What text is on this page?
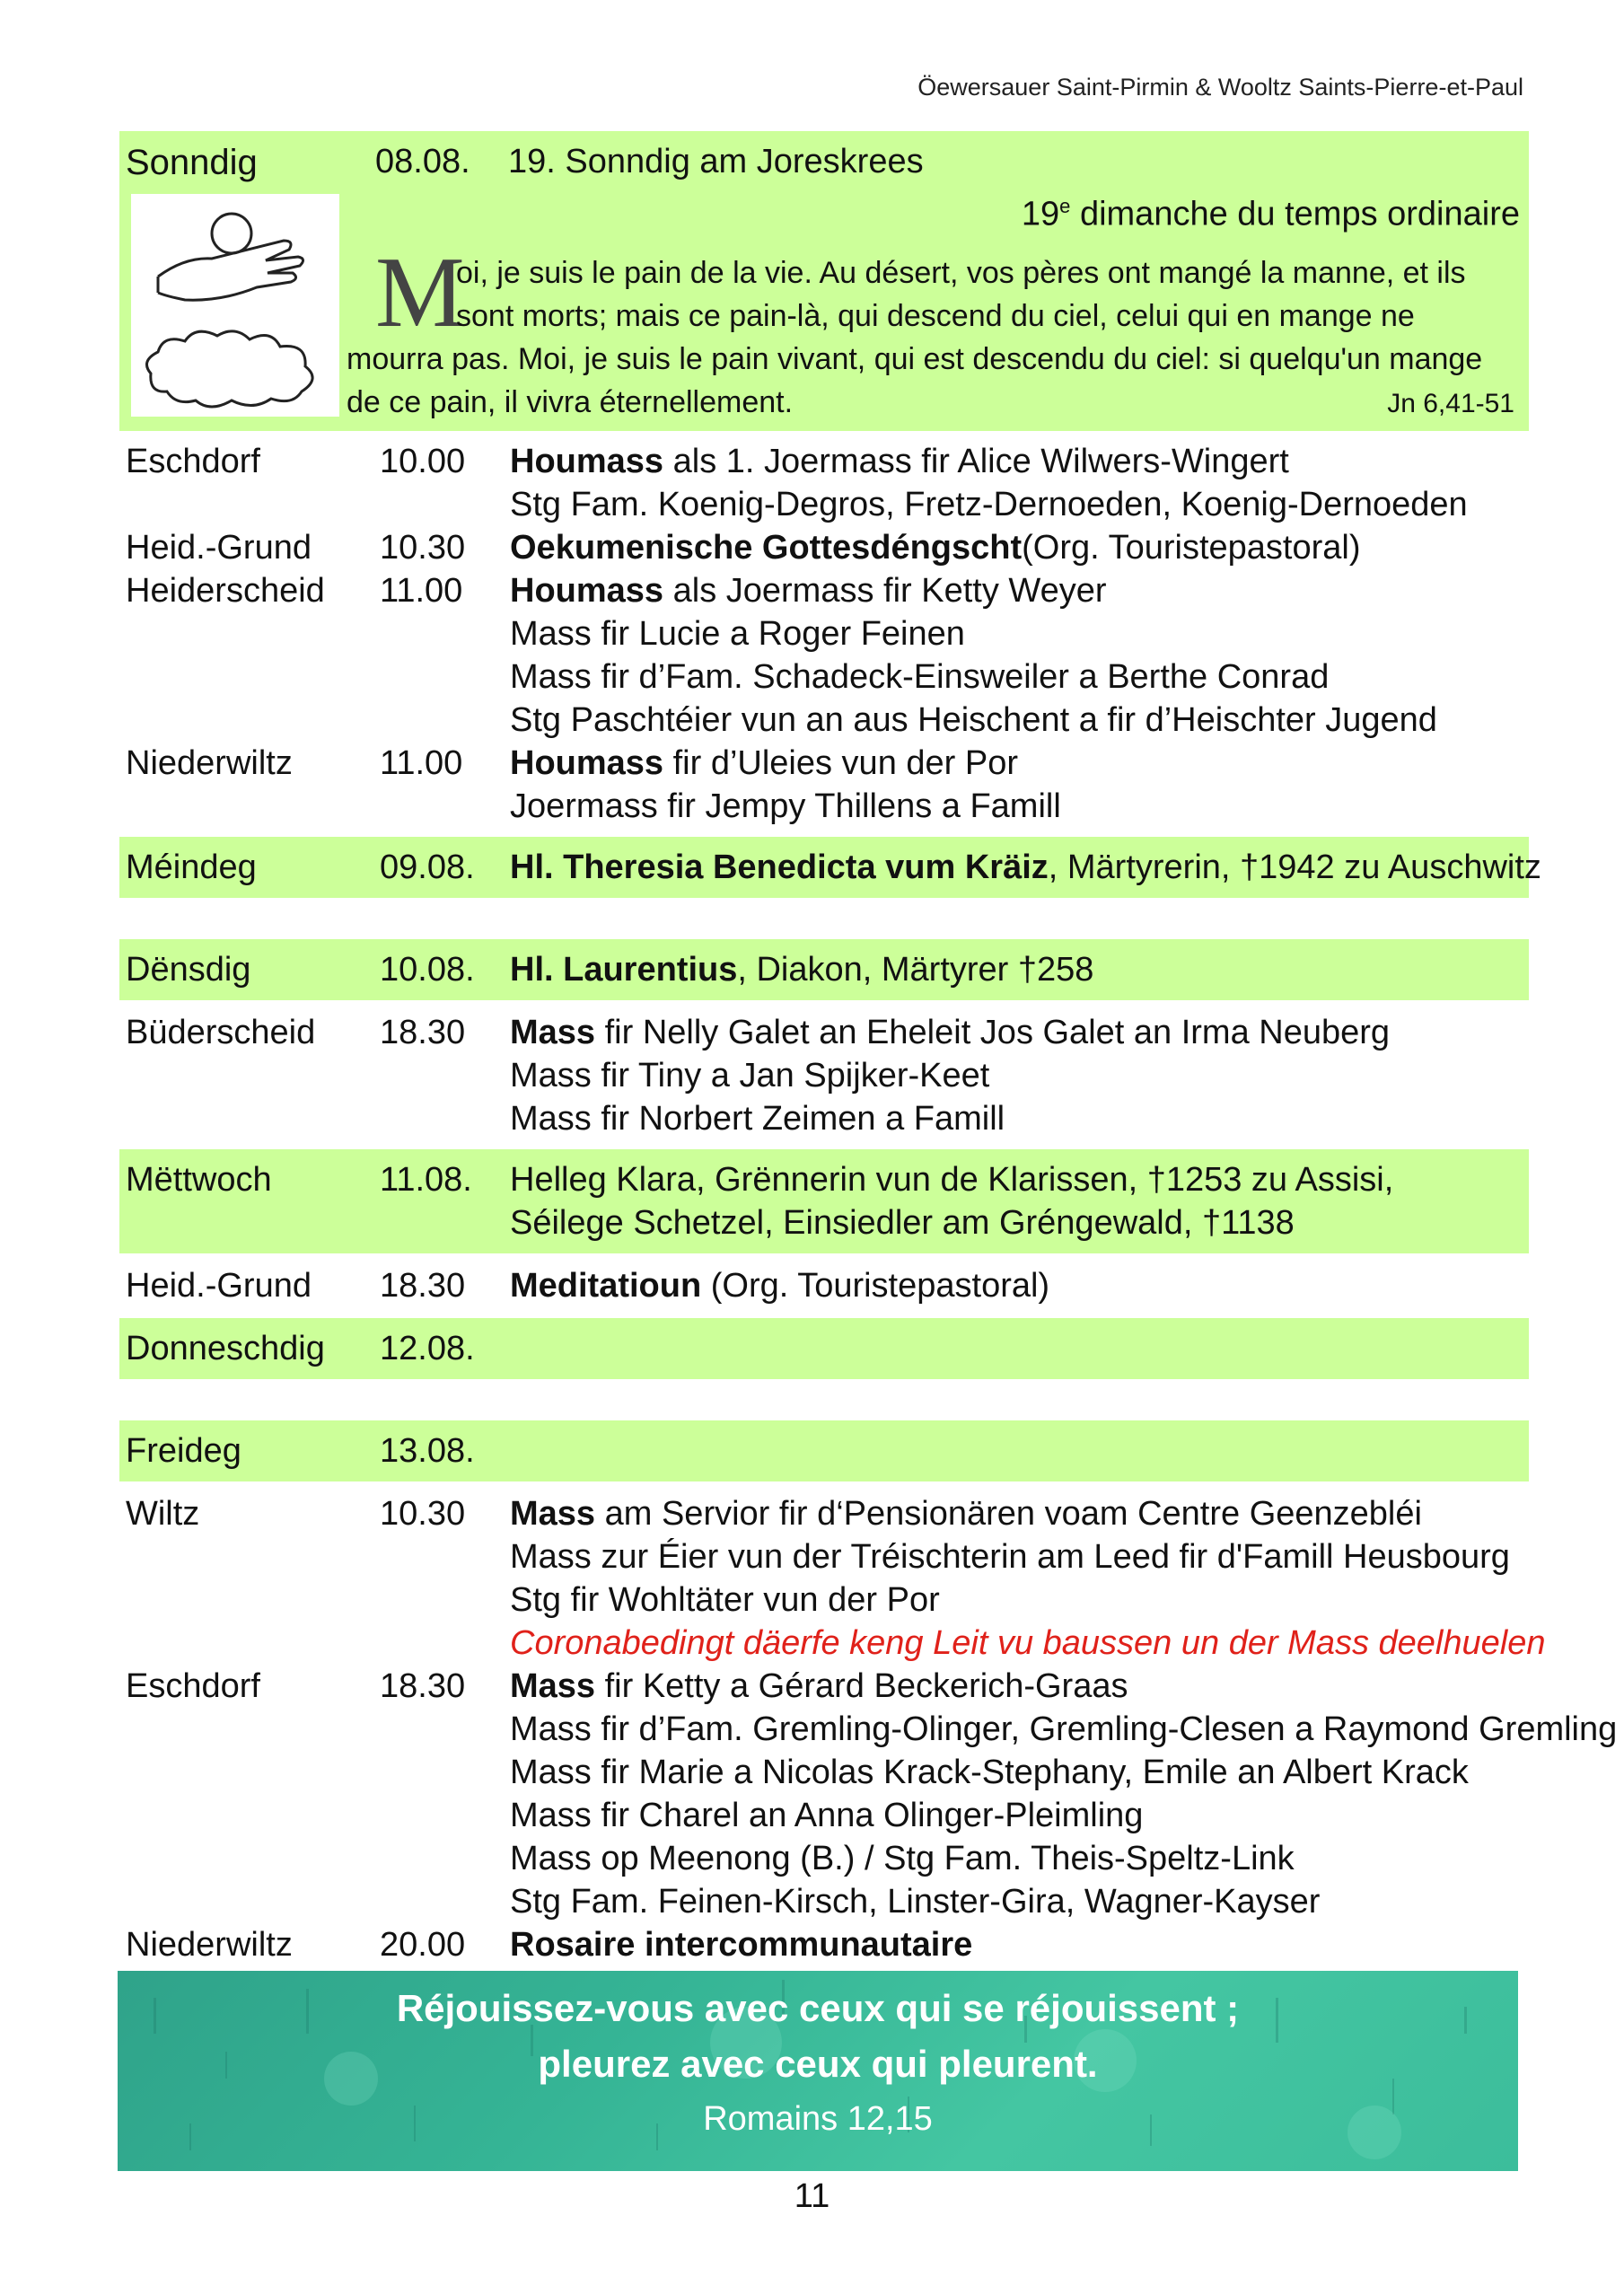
Öewersauer Saint-Pirmin & Wooltz Saints-Pierre-et-Paul
Sonndig	08.08. 19. Sonndig am Joreskrees
19e dimanche du temps ordinaire
M
oi, je suis le pain de la vie. Au désert, vos pères ont mangé la manne, et ils
sont morts; mais ce pain-là, qui descend du ciel, celui qui en mange ne
mourra pas. Moi, je suis le pain vivant, qui est descendu du ciel: si quelqu'un mange
de ce pain, il vivra éternellement.	Jn 6,41-51
Eschdorf	10.00 Houmass als 1. Joermass fir Alice Wilwers-Wingert
Stg Fam. Koenig-Degros, Fretz-Dernoeden, Koenig-Dernoeden
Heid.-Grund 10.30 Oekumenische Gottesdéngscht(Org. Touristepastoral)
Heiderscheid 11.00 Houmass als Joermass fir Ketty Weyer
Mass fir Lucie a Roger Feinen
Mass fir d’Fam. Schadeck-Einsweiler a Berthe Conrad
Stg Paschtéier vun an aus Heischent a fir d’Heischter Jugend
Niederwiltz	11.00 Houmass fir d’Uleies vun der Por
Joermass fir Jempy Thillens a Famill
Méindeg	09.08. Hl. Theresia Benedicta vum Kräiz, Märtyrerin, †1942 zu Auschwitz
Dënsdig	10.08. Hl. Laurentius, Diakon, Märtyrer †258
Büderscheid 18.30 Mass fir Nelly Galet an Eheleit Jos Galet an Irma Neuberg
Mass fir Tiny a Jan Spijker-Keet
Mass fir Norbert Zeimen a Famill
Mëttwoch	11.08. Helleg Klara, Grënnerin vun de Klarissen, †1253 zu Assisi,
Séilege Schetzel, Einsiedler am Gréngewald, †1138
Heid.-Grund 18.30 Meditatioun (Org. Touristepastoral)
Donneschdig 12.08.
Freideg	13.08.
Wiltz	10.30 Mass am Servior fir d‘Pensionären voam Centre Geenzebléi
Mass zur Éier vun der Tréischterin am Leed fir d'Famill Heusbourg
Stg fir Wohltäter vun der Por
Coronabedingt däerfe keng Leit vu baussen un der Mass deelhuelen
Eschdorf	18.30 Mass fir Ketty a Gérard Beckerich-Graas
Mass fir d’Fam. Gremling-Olinger, Gremling-Clesen a Raymond Gremling
Mass fir Marie a Nicolas Krack-Stephany, Emile an Albert Krack
Mass fir Charel an Anna Olinger-Pleimling
Mass op Meenong (B.) / Stg Fam. Theis-Speltz-Link
Stg Fam. Feinen-Kirsch, Linster-Gira, Wagner-Kayser
Niederwiltz	20.00 Rosaire intercommunautaire
Réjouissez-vous avec ceux qui se réjouissent ;
pleurez avec ceux qui pleurent.
Romains 12,15
11
